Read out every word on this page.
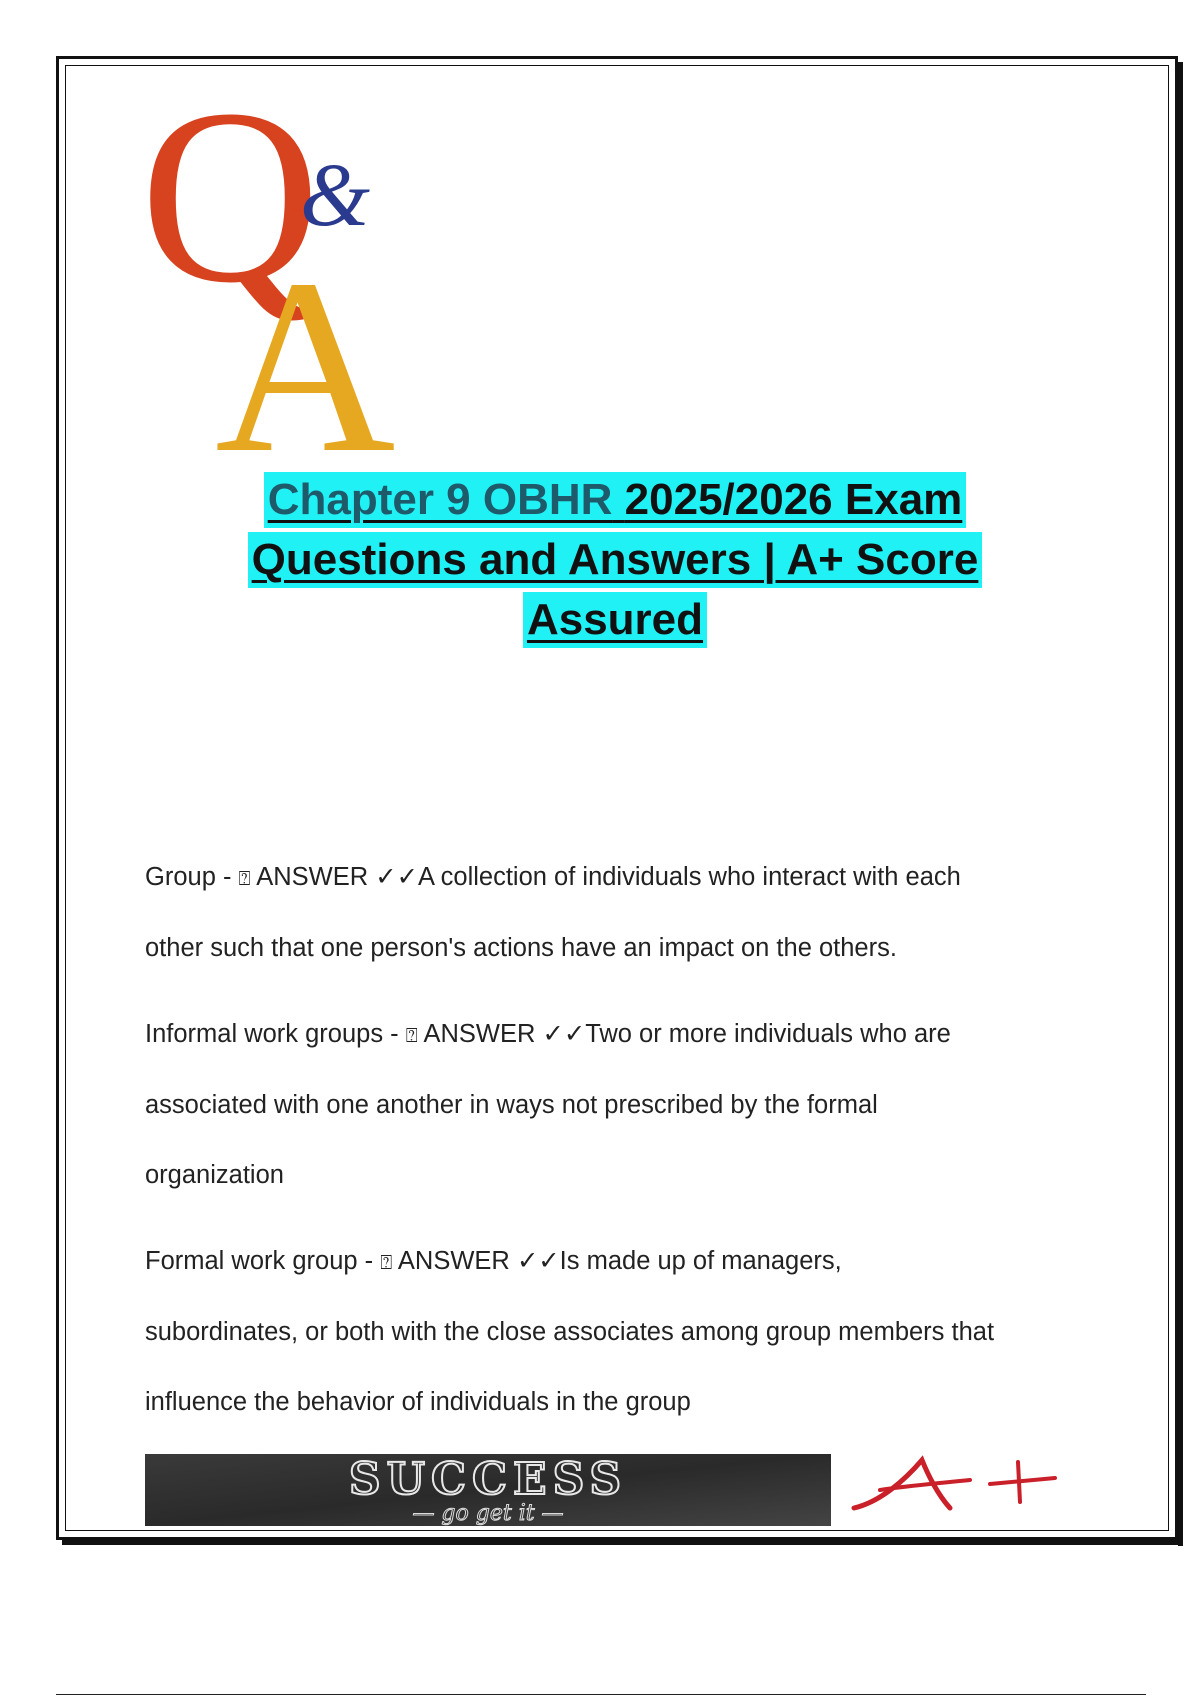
Q
&
A
Chapter 9 OBHR 2025/2026 Exam
Questions and Answers | A+ Score
Assured
Group - ⍰ ANSWER ✓✓A collection of individuals who interact with each
other such that one person's actions have an impact on the others.
Informal work groups - ⍰ ANSWER ✓✓Two or more individuals who are
associated with one another in ways not prescribed by the formal
organization
Formal work group - ⍰ ANSWER ✓✓Is made up of managers,
subordinates, or both with the close associates among group members that
influence the behavior of individuals in the group
SUCCESS
— go get it —
